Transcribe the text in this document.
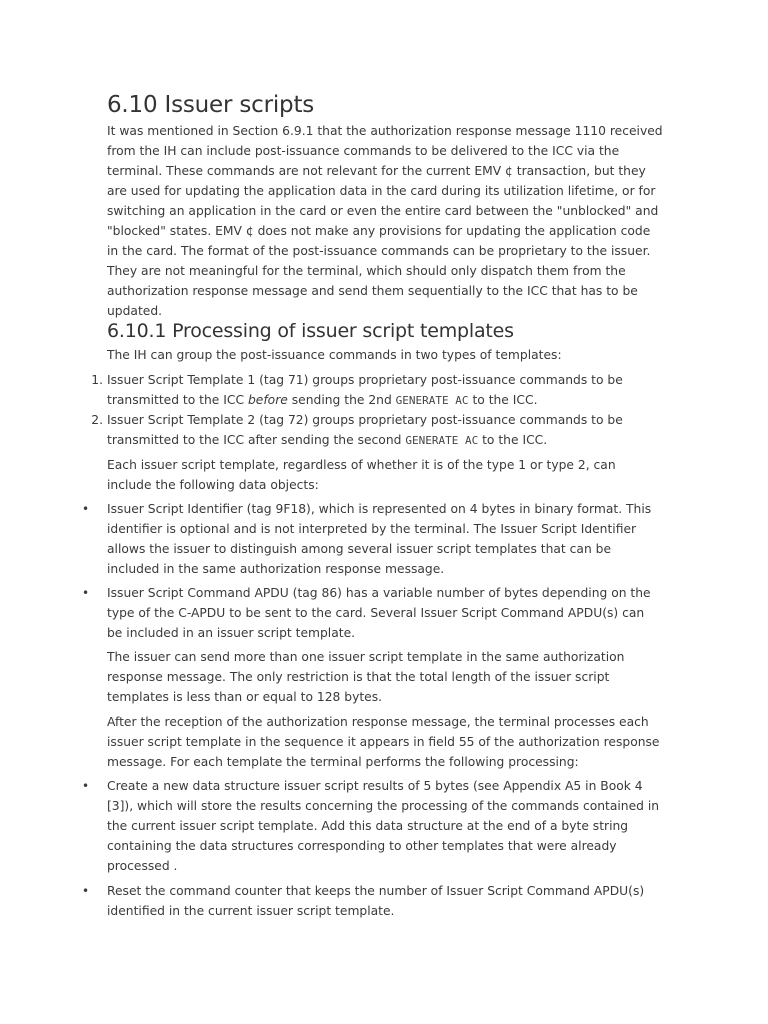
6.10 Issuer scripts

It was mentioned in Section 6.9.1 that the authorization response message 1110 received from the IH can include post-issuance commands to be delivered to the ICC via the terminal. These commands are not relevant for the current EMV ¢ transaction, but they are used for updating the application data in the card during its utilization lifetime, or for switching an application in the card or even the entire card between the "unblocked" and "blocked" states. EMV ¢ does not make any provisions for updating the application code in the card. The format of the post-issuance commands can be proprietary to the issuer. They are not meaningful for the terminal, which should only dispatch them from the authorization response message and send them sequentially to the ICC that has to be updated.

6.10.1 Processing of issuer script templates

The IH can group the post-issuance commands in two types of templates:

1. Issuer Script Template 1 (tag 71) groups proprietary post-issuance commands to be transmitted to the ICC before sending the 2nd GENERATE AC to the ICC.
2. Issuer Script Template 2 (tag 72) groups proprietary post-issuance commands to be transmitted to the ICC after sending the second GENERATE AC to the ICC.

Each issuer script template, regardless of whether it is of the type 1 or type 2, can include the following data objects:

• Issuer Script Identifier (tag 9F18), which is represented on 4 bytes in binary format. This identifier is optional and is not interpreted by the terminal. The Issuer Script Identifier allows the issuer to distinguish among several issuer script templates that can be included in the same authorization response message.
• Issuer Script Command APDU (tag 86) has a variable number of bytes depending on the type of the C-APDU to be sent to the card. Several Issuer Script Command APDU(s) can be included in an issuer script template.

The issuer can send more than one issuer script template in the same authorization response message. The only restriction is that the total length of the issuer script templates is less than or equal to 128 bytes.

After the reception of the authorization response message, the terminal processes each issuer script template in the sequence it appears in field 55 of the authorization response message. For each template the terminal performs the following processing:

• Create a new data structure issuer script results of 5 bytes (see Appendix A5 in Book 4 [3]), which will store the results concerning the processing of the commands contained in the current issuer script template. Add this data structure at the end of a byte string containing the data structures corresponding to other templates that were already processed .
• Reset the command counter that keeps the number of Issuer Script Command APDU(s) identified in the current issuer script template.
